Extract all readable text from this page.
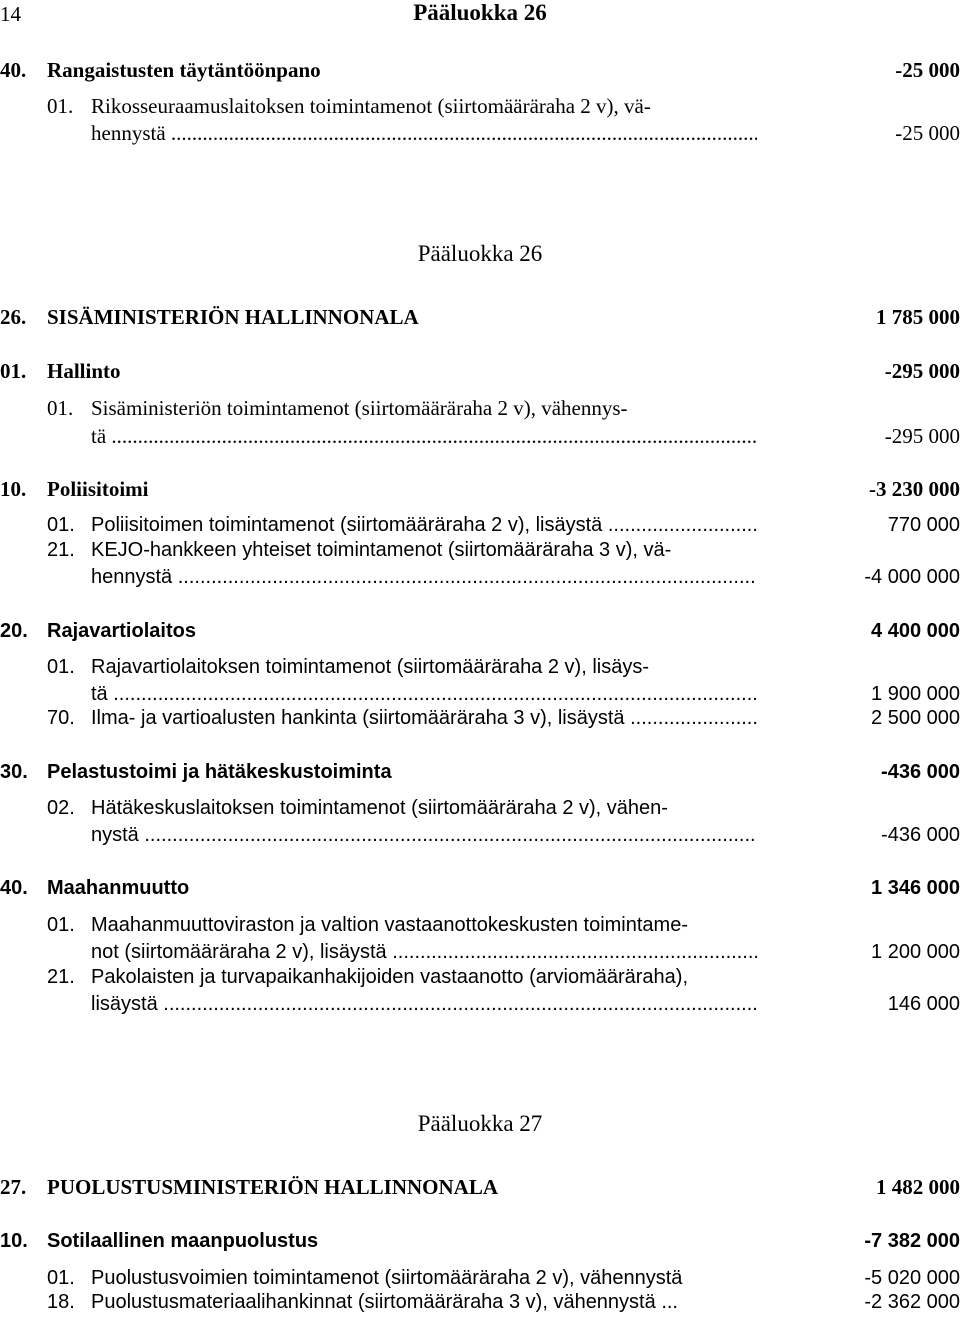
14	Pääluokka 26
40. Rangaistusten täytäntöönpano	-25 000
01. Rikosseuraamuslaitoksen toimintamenot (siirtomääräraha 2 v), vä-
hennystä .....	-25 000
Pääluokka 26
26. SISÄMINISTERIÖN HALLINNONALA	1 785 000
01. Hallinto	-295 000
01. Sisäministeriön toimintamenot (siirtomääräraha 2 v), vähennys-
tä .....	-295 000
10. Poliisitoimi	-3 230 000
01. Poliisitoimen toimintamenot (siirtomääräraha 2 v), lisäystä .....	770 000
21. KEJO-hankkeen yhteiset toimintamenot (siirtomääräraha 3 v), vä-
hennystä .....	-4 000 000
20. Rajavartiolaitos	4 400 000
01. Rajavartiolaitoksen toimintamenot (siirtomääräraha 2 v), lisäys-
tä .....	1 900 000
70. Ilma- ja vartioalusten hankinta (siirtomääräraha 3 v), lisäystä .....	2 500 000
30. Pelastustoimi ja hätäkeskustoiminta	-436 000
02. Hätäkeskuslaitoksen toimintamenot (siirtomääräraha 2 v), vähen-
nystä .....	-436 000
40. Maahanmuutto	1 346 000
01. Maahanmuuttoviraston ja valtion vastaanottokeskusten toimintame-
not (siirtomääräraha 2 v), lisäystä .....	1 200 000
21. Pakolaisten ja turvapaikanhakijoiden vastaanotto (arviomääräraha),
lisäystä .....	146 000
Pääluokka 27
27. PUOLUSTUSMINISTERIÖN HALLINNONALA	1 482 000
10. Sotilaallinen maanpuolustus	-7 382 000
01. Puolustusvoimien toimintamenot (siirtomääräraha 2 v), vähennystä	-5 020 000
18. Puolustusmateriaalihankinnat (siirtomääräraha 3 v), vähennystä ...	-2 362 000
